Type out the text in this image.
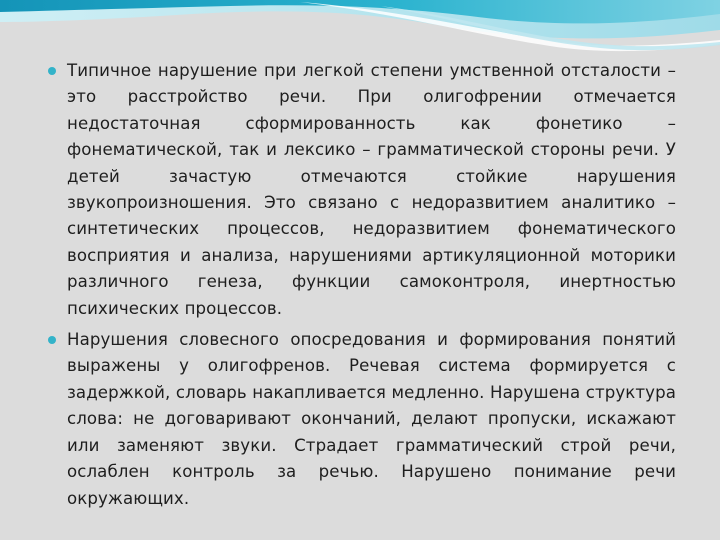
Типичное нарушение при легкой степени умственной отсталости – это расстройство речи. При олигофрении отмечается недостаточная сформированность как фонетико – фонематической, так и лексико – грамматической стороны речи. У детей зачастую отмечаются стойкие нарушения звукопроизношения. Это связано с недоразвитием аналитико – синтетических процессов, недоразвитием фонематического восприятия и анализа, нарушениями артикуляционной моторики различного генеза, функции самоконтроля, инертностью психических процессов.
Нарушения словесного опосредования и формирования понятий выражены у олигофренов. Речевая система формируется с задержкой, словарь накапливается медленно. Нарушена структура слова: не договаривают окончаний, делают пропуски, искажают или заменяют звуки. Страдает грамматический строй речи, ослаблен контроль за речью. Нарушено понимание речи окружающих.
